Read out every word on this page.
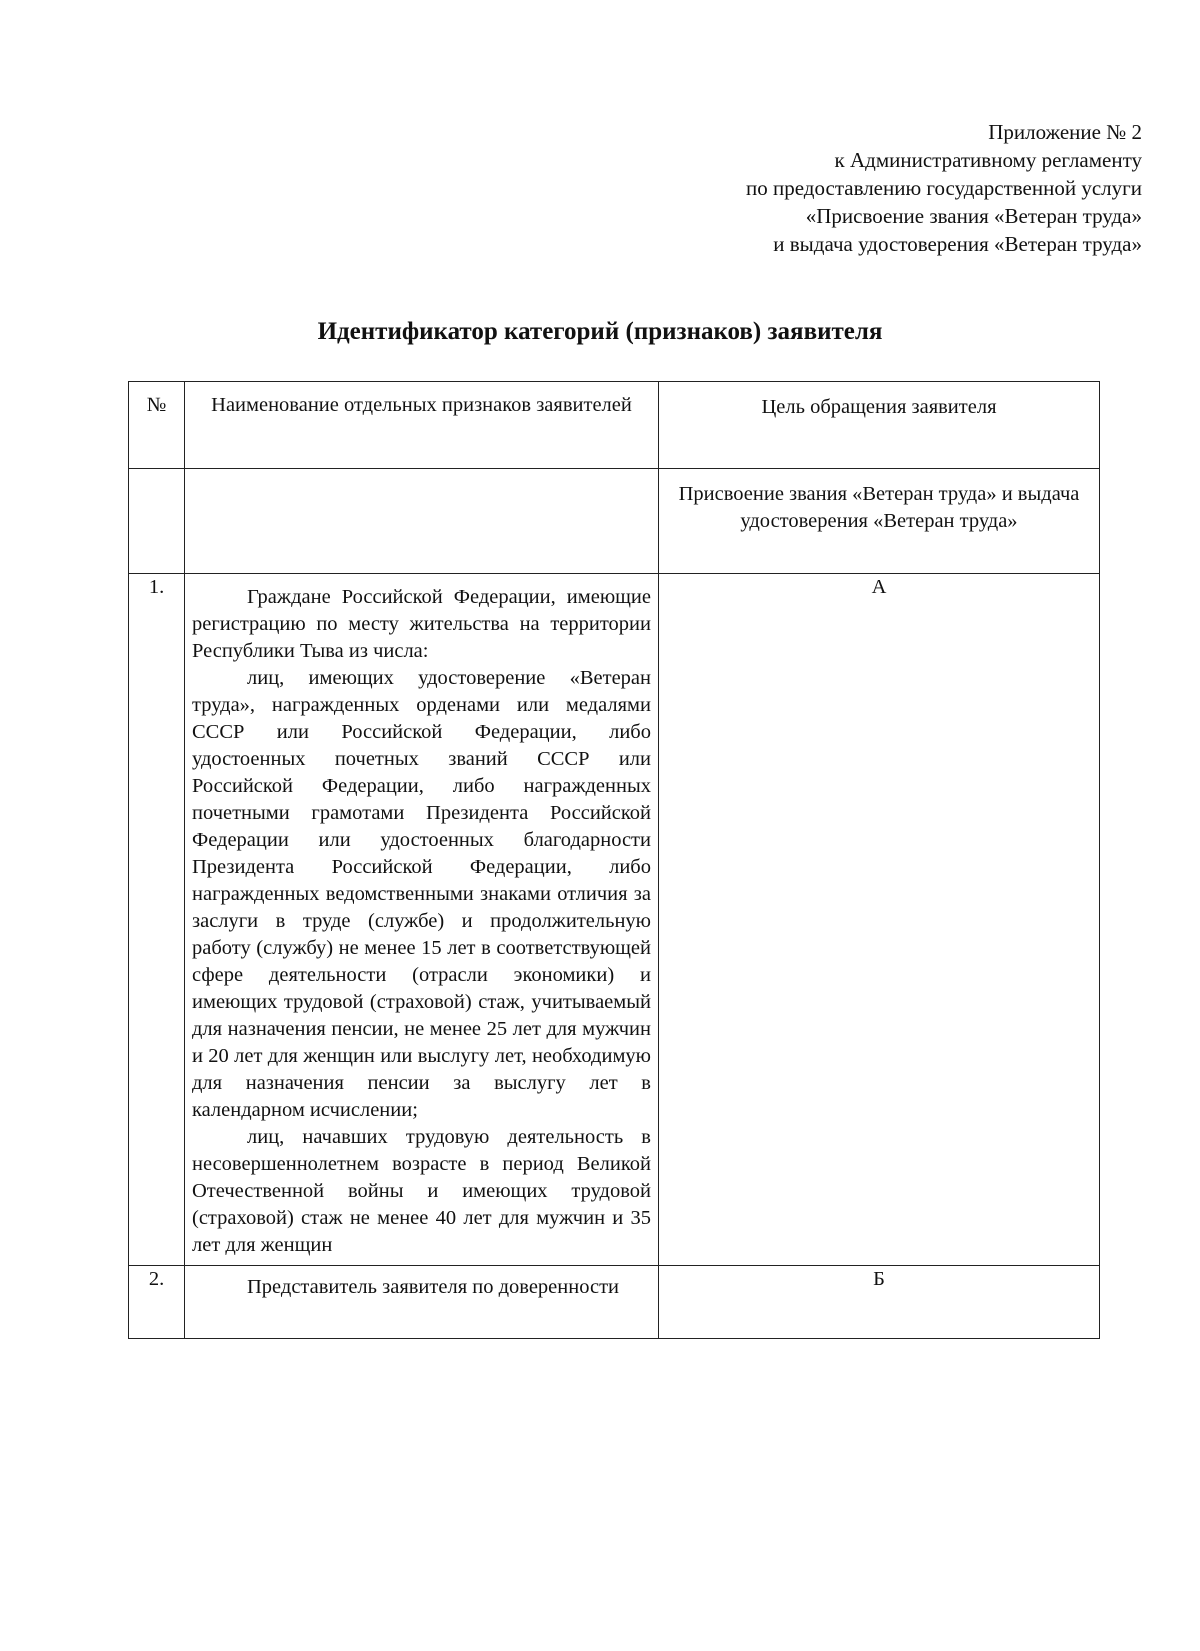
Приложение № 2
к Административному регламенту
по предоставлению государственной услуги
«Присвоение звания «Ветеран труда»
и выдача удостоверения «Ветеран труда»
Идентификатор категорий (признаков) заявителя
№	Наименование отдельных признаков заявителей	Цель обращения заявителя
		Присвоение звания «Ветеран труда» и выдача удостоверения «Ветеран труда»
1.	Граждане Российской Федерации, имеющие регистрацию по месту жительства на территории Республики Тыва из числа:

лиц, имеющих удостоверение «Ветеран труда», награжденных орденами или медалями СССР или Российской Федерации, либо удостоенных почетных званий СССР или Российской Федерации, либо награжденных почетными грамотами Президента Российской Федерации или удостоенных благодарности Президента Российской Федерации, либо награжденных ведомственными знаками отличия за заслуги в труде (службе) и продолжительную работу (службу) не менее 15 лет в соответствующей сфере деятельности (отрасли экономики) и имеющих трудовой (страховой) стаж, учитываемый для назначения пенсии, не менее 25 лет для мужчин и 20 лет для женщин или выслугу лет, необходимую для назначения пенсии за выслугу лет в календарном исчислении;

лиц, начавших трудовую деятельность в несовершеннолетнем возрасте в период Великой Отечественной войны и имеющих трудовой (страховой) стаж не менее 40 лет для мужчин и 35 лет для женщин	А
2.	Представитель заявителя по доверенности	Б
